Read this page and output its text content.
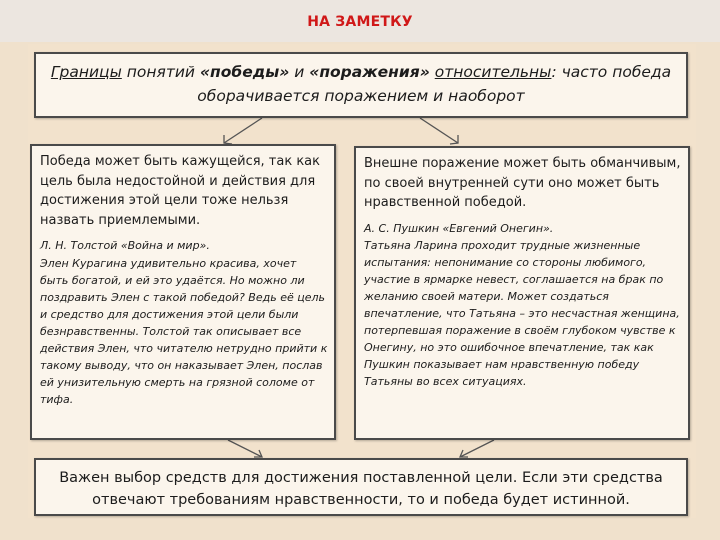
НА ЗАМЕТКУ
Границы понятий «победы» и «поражения» относительны: часто победа
оборачивается поражением и наоборот

Победа может быть кажущейся, так как цель была недостойной и действия для достижения этой цели тоже нельзя назвать приемлемыми.

Л. Н. Толстой «Война и мир».

Элен Курагина удивительно красива, хочет быть богатой, и ей это удаётся. Но можно ли поздравить Элен с такой победой? Ведь её цель и средство для достижения этой цели были безнравственны. Толстой так описывает все действия Элен, что читателю нетрудно прийти к такому выводу, что он наказывает Элен, послав ей унизительную смерть на грязной соломе от тифа.

Внешне поражение может быть обманчивым, по своей внутренней сути оно может быть нравственной победой.

А. С. Пушкин «Евгений Онегин».

Татьяна Ларина проходит трудные жизненные испытания: непонимание со стороны любимого, участие в ярмарке невест, соглашается на брак по желанию своей матери. Может создаться впечатление, что Татьяна – это несчастная женщина, потерпевшая поражение в своём глубоком чувстве к Онегину, но это ошибочное впечатление, так как Пушкин показывает нам нравственную победу Татьяны во всех ситуациях.

Важен выбор средств для достижения поставленной цели. Если эти средства
отвечают требованиям нравственности, то и победа будет истинной.
